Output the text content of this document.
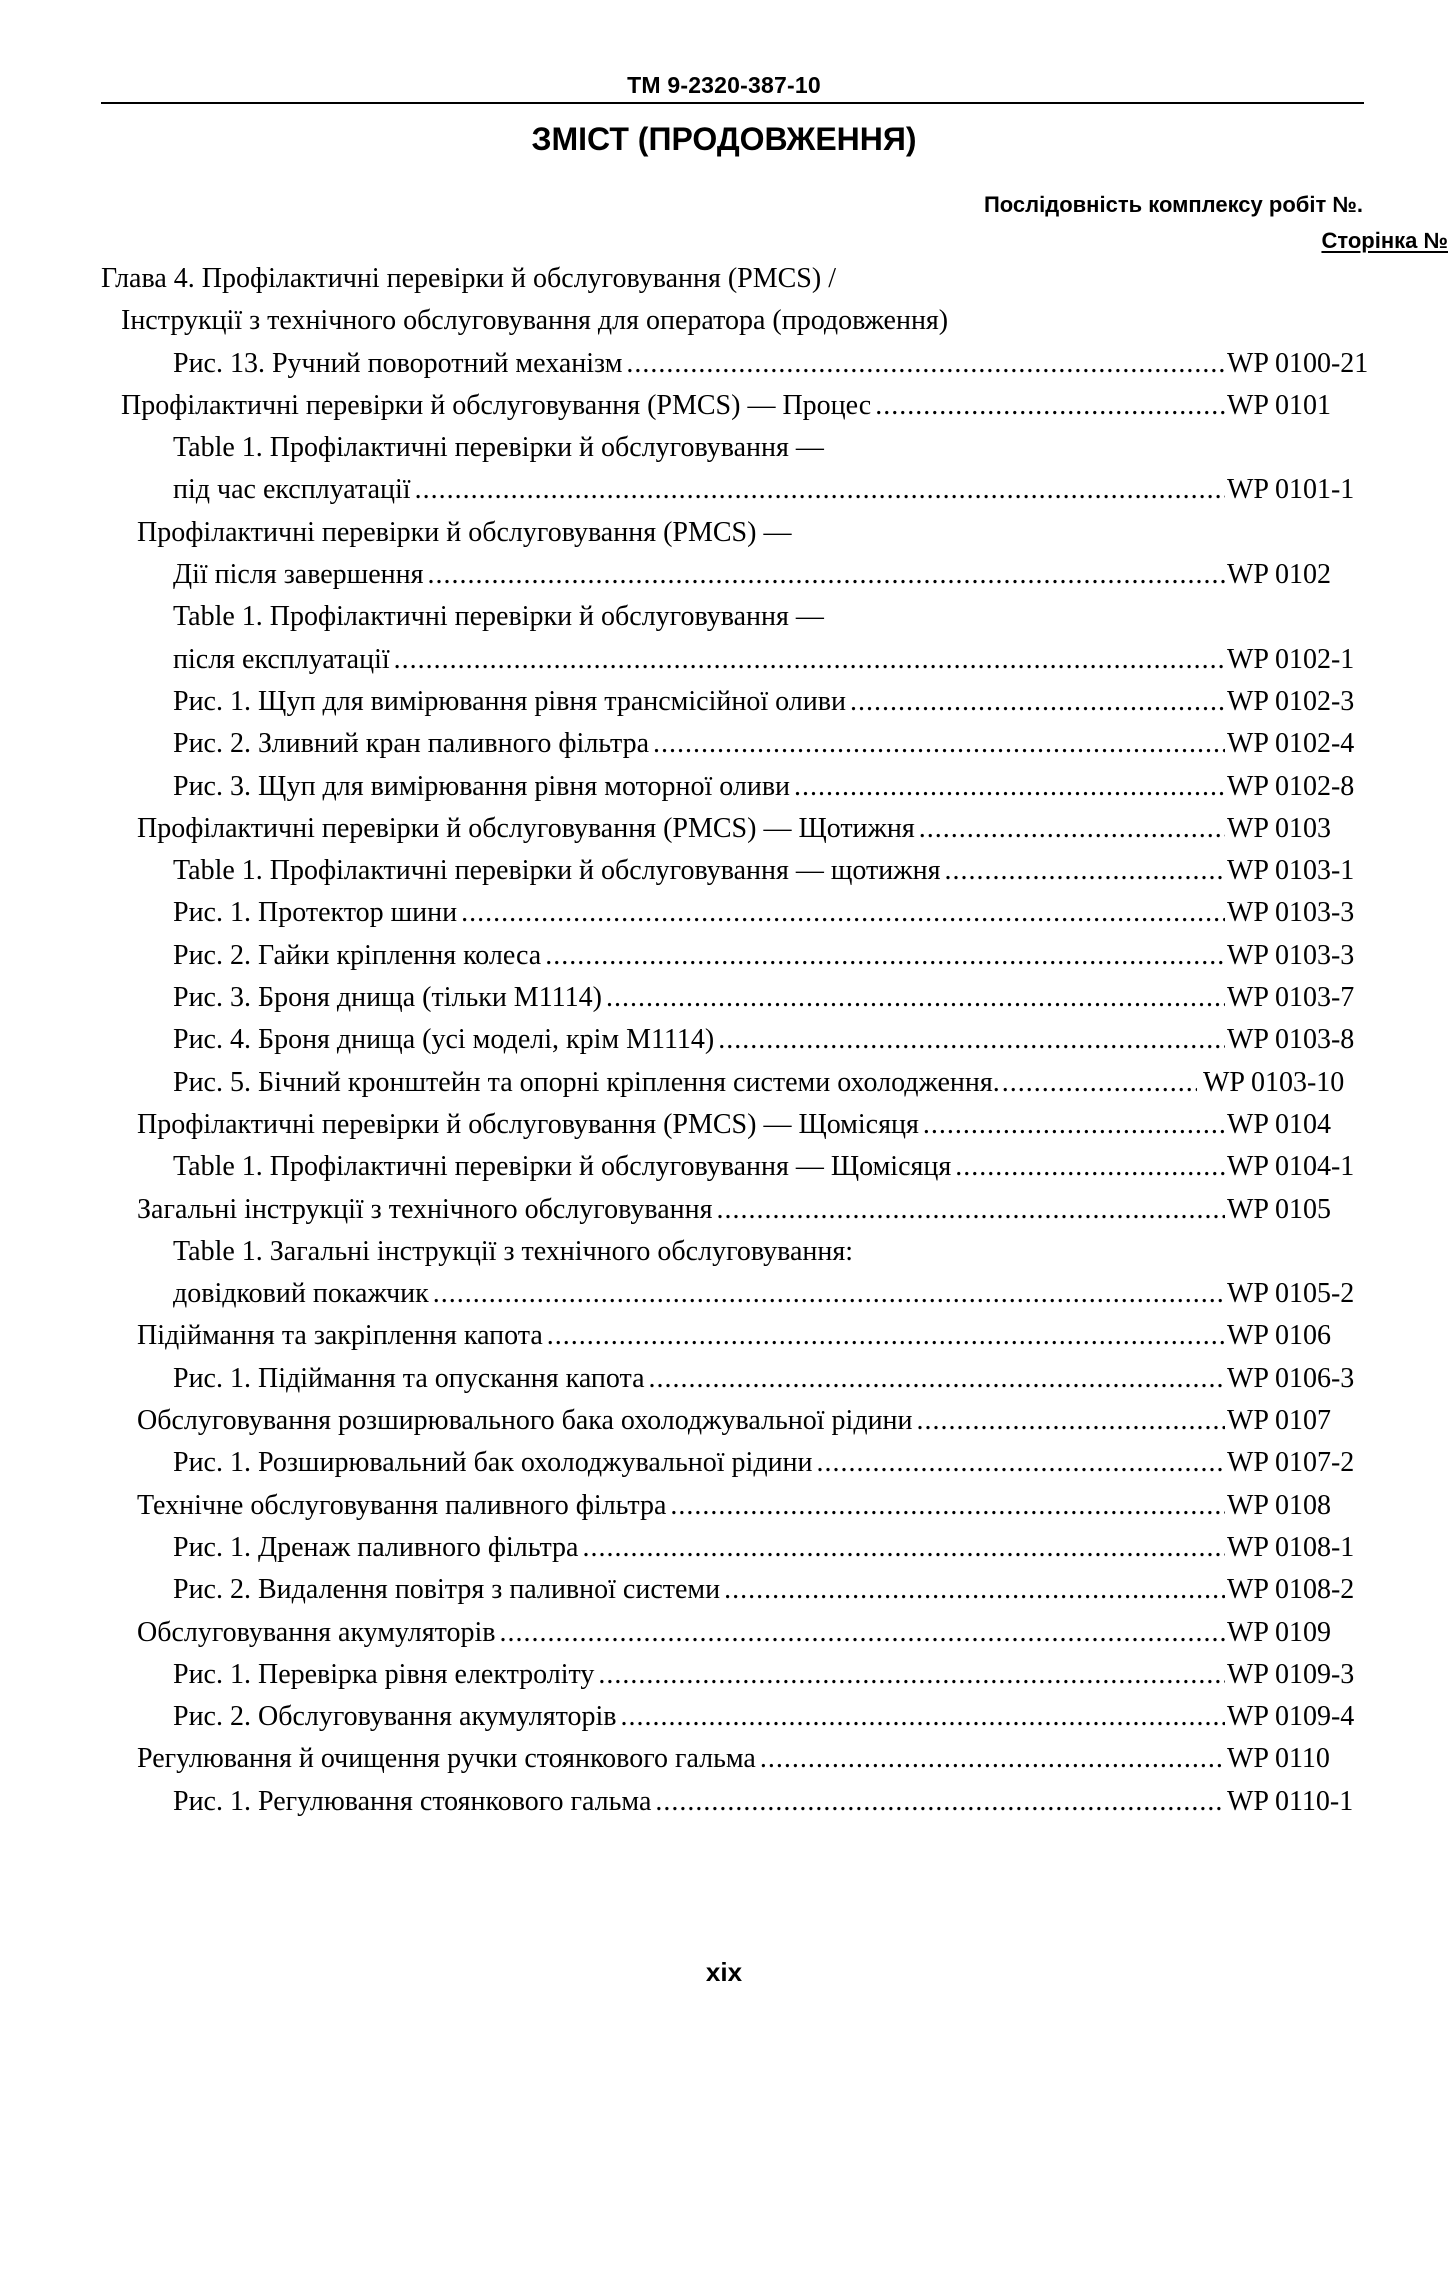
TM 9-2320-387-10
ЗМІСТ (ПРОДОВЖЕННЯ)
Послідовність комплексу робіт №.
Сторінка №
Глава 4. Профілактичні перевірки й обслуговування (PMCS) /
Інструкції з технічного обслуговування для оператора (продовження)
Рис. 13. Ручний поворотний механізм .....	WP 0100-21
Профілактичні перевірки й обслуговування (PMCS) — Процес .....	WP 0101
Table 1. Профілактичні перевірки й обслуговування —
під час експлуатації .....	WP 0101-1
Профілактичні перевірки й обслуговування (PMCS) —
Дії після завершення .....	WP 0102
Table 1. Профілактичні перевірки й обслуговування —
після експлуатації .....	WP 0102-1
Рис. 1. Щуп для вимірювання рівня трансмісійної оливи .....	WP 0102-3
Рис. 2. Зливний кран паливного фільтра .....	WP 0102-4
Рис. 3. Щуп для вимірювання рівня моторної оливи .....	WP 0102-8
Профілактичні перевірки й обслуговування (PMCS) — Щотижня .....	WP 0103
Table 1. Профілактичні перевірки й обслуговування — щотижня .....	WP 0103-1
Рис. 1. Протектор шини .....	WP 0103-3
Рис. 2. Гайки кріплення колеса .....	WP 0103-3
Рис. 3. Броня днища (тільки M1114) .....	WP 0103-7
Рис. 4. Броня днища (усі моделі, крім M1114) .....	WP 0103-8
Рис. 5. Бічний кронштейн та опорні кріплення системи охолодження. .....	WP 0103-10
Профілактичні перевірки й обслуговування (PMCS) — Щомісяця .....	WP 0104
Table 1. Профілактичні перевірки й обслуговування — Щомісяця .....	WP 0104-1
Загальні інструкції з технічного обслуговування .....	WP 0105
Table 1. Загальні інструкції з технічного обслуговування:
довідковий покажчик .....	WP 0105-2
Підіймання та закріплення капота .....	WP 0106
Рис. 1. Підіймання та опускання капота .....	WP 0106-3
Обслуговування розширювального бака охолоджувальної рідини .....	WP 0107
Рис. 1. Розширювальний бак охолоджувальної рідини .....	WP 0107-2
Технічне обслуговування паливного фільтра .....	WP 0108
Рис. 1. Дренаж паливного фільтра .....	WP 0108-1
Рис. 2. Видалення повітря з паливної системи .....	WP 0108-2
Обслуговування акумуляторів .....	WP 0109
Рис. 1. Перевірка рівня електроліту .....	WP 0109-3
Рис. 2. Обслуговування акумуляторів .....	WP 0109-4
Регулювання й очищення ручки стоянкового гальма .....	WP 0110
Рис. 1. Регулювання стоянкового гальма .....	WP 0110-1
xix
